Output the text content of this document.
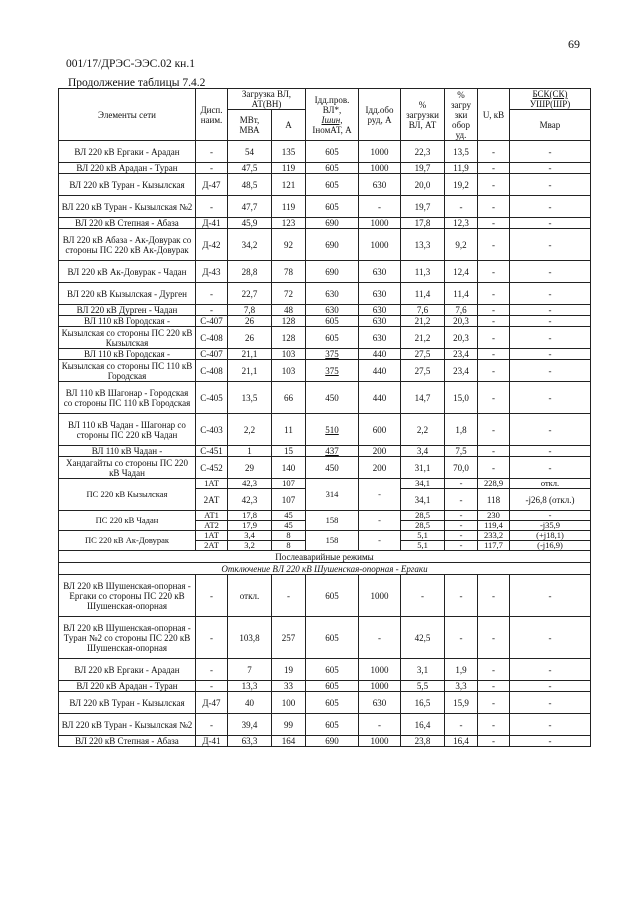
69
001/17/ДРЭС-ЭЭС.02 кн.1
Продолжение таблицы 7.4.2
Элементы сети	Дисп. наим.	Загрузка ВЛ, АТ(ВН)		Iдд.пров. ВЛ*,
Iшин,
IномАТ, А	Iдд.обо руд, А	% загрузки ВЛ, АТ	% загру зки обор уд.	U, кВ	БСК(СК)
УШР(ШР)
		МВт, МВА	А						Мвар
ВЛ 220 кВ Ергаки - Арадан	-	54	135	605	1000	22,3	13,5	-	-
ВЛ 220 кВ Арадан - Туран	-	47,5	119	605	1000	19,7	11,9	-	-
ВЛ 220 кВ Туран - Кызылская	Д-47	48,5	121	605	630	20,0	19,2	-	-
ВЛ 220 кВ Туран - Кызылская №2	-	47,7	119	605	-	19,7	-	-	-
ВЛ 220 кВ Степная - Абаза	Д-41	45,9	123	690	1000	17,8	12,3	-	-
ВЛ 220 кВ Абаза - Ак-Довурак со стороны ПС 220 кВ Ак-Довурак	Д-42	34,2	92	690	1000	13,3	9,2	-	-
ВЛ 220 кВ Ак-Довурак - Чадан	Д-43	28,8	78	690	630	11,3	12,4	-	-
ВЛ 220 кВ Кызылская - Дурген	-	22,7	72	630	630	11,4	11,4	-	-
ВЛ 220 кВ Дурген - Чадан	-	7,8	48	630	630	7,6	7,6	-	-
ВЛ 110 кВ Городская -	С-407	26	128	605	630	21,2	20,3	-	-
Кызылская со стороны ПС 220 кВ Кызылская	С-408	26	128	605	630	21,2	20,3	-	-
ВЛ 110 кВ Городская -	С-407	21,1	103	375	440	27,5	23,4	-	-
Кызылская со стороны ПС 110 кВ Городская	С-408	21,1	103	375	440	27,5	23,4	-	-
ВЛ 110 кВ Шагонар - Городская со стороны ПС 110 кВ Городская	С-405	13,5	66	450	440	14,7	15,0	-	-
ВЛ 110 кВ Чадан - Шагонар со стороны ПС 220 кВ Чадан	С-403	2,2	11	510	600	2,2	1,8	-	-
ВЛ 110 кВ Чадан -	С-451	1	15	437	200	3,4	7,5	-	-
Хандагайты со стороны ПС 220 кВ Чадан	С-452	29	140	450	200	31,1	70,0	-	-
ПС 220 кВ Кызылская	1АТ	42,3	107	314	-	34,1	-	228,9	откл.
	2АТ	42,3	107			34,1	-	118	-j26,8 (откл.)
ПС 220 кВ Чадан	АТ1	17,8	45	158	-	28,5	-	230	-
	АТ2	17,9	45			28,5	-	119,4	-j35,9
ПС 220 кВ Ак-Довурак	1АТ	3,4	8	158	-	5,1	-	233,2	(+j18,1)
	2АТ	3,2	8			5,1	-	117,7	(-j16,9)
Послеаварийные режимы									
Отключение ВЛ 220 кВ Шушенская-опорная - Ергаки									
ВЛ 220 кВ Шушенская-опорная - Ергаки со стороны ПС 220 кВ Шушенская-опорная	-	откл.	-	605	1000	-	-	-	-
ВЛ 220 кВ Шушенская-опорная - Туран №2 со стороны ПС 220 кВ Шушенская-опорная	-	103,8	257	605	-	42,5	-	-	-
ВЛ 220 кВ Ергаки - Арадан	-	7	19	605	1000	3,1	1,9	-	-
ВЛ 220 кВ Арадан - Туран	-	13,3	33	605	1000	5,5	3,3	-	-
ВЛ 220 кВ Туран - Кызылская	Д-47	40	100	605	630	16,5	15,9	-	-
ВЛ 220 кВ Туран - Кызылская №2	-	39,4	99	605	-	16,4	-	-	-
ВЛ 220 кВ Степная - Абаза	Д-41	63,3	164	690	1000	23,8	16,4	-	-
